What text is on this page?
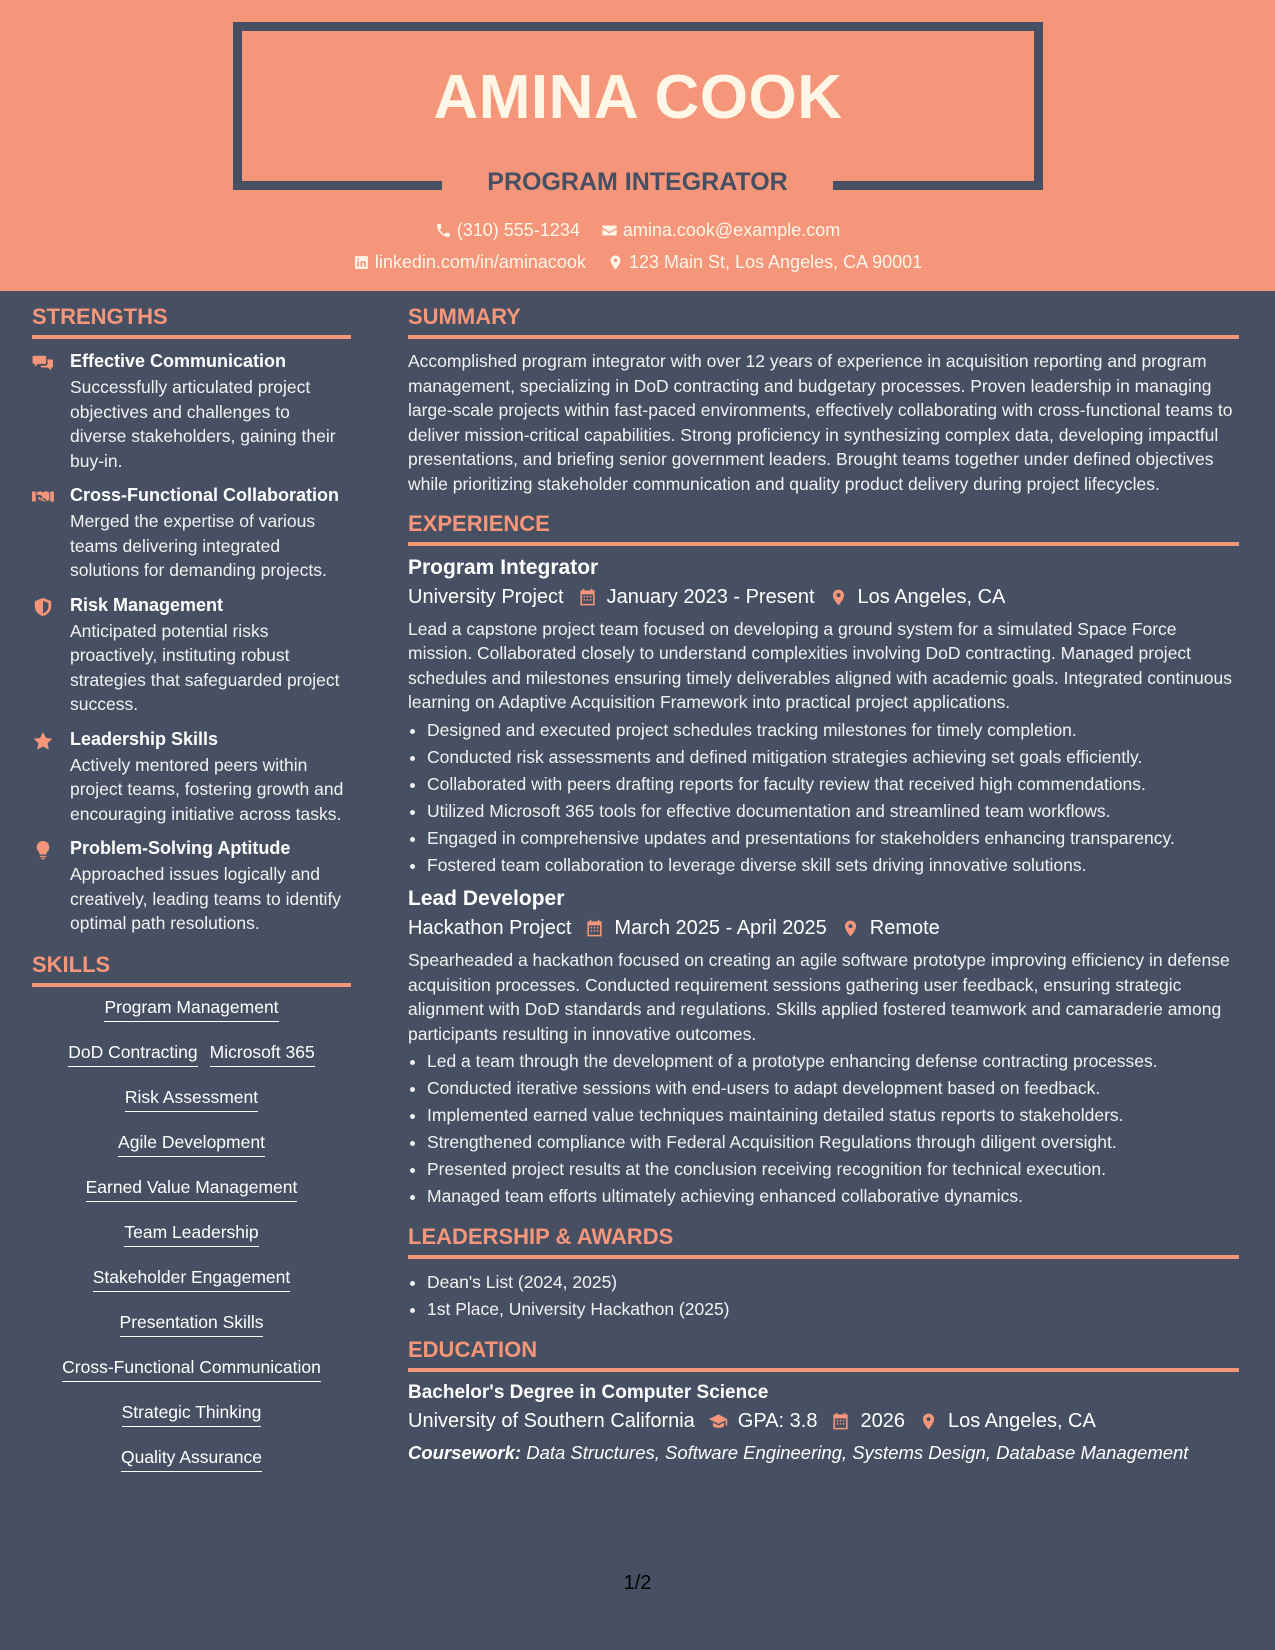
AMINA COOK
PROGRAM INTEGRATOR
(310) 555-1234
amina.cook@example.com
linkedin.com/in/aminacook
123 Main St, Los Angeles, CA 90001
STRENGTHS
Effective Communication
Successfully articulated project objectives and challenges to diverse stakeholders, gaining their buy-in.
Cross-Functional Collaboration
Merged the expertise of various teams delivering integrated solutions for demanding projects.
Risk Management
Anticipated potential risks proactively, instituting robust strategies that safeguarded project success.
Leadership Skills
Actively mentored peers within project teams, fostering growth and encouraging initiative across tasks.
Problem-Solving Aptitude
Approached issues logically and creatively, leading teams to identify optimal path resolutions.
SKILLS
Program Management
DoD Contracting Microsoft 365
Risk Assessment
Agile Development
Earned Value Management
Team Leadership
Stakeholder Engagement
Presentation Skills
Cross-Functional Communication
Strategic Thinking
Quality Assurance
SUMMARY
Accomplished program integrator with over 12 years of experience in acquisition reporting and program management, specializing in DoD contracting and budgetary processes. Proven leadership in managing large-scale projects within fast-paced environments, effectively collaborating with cross-functional teams to deliver mission-critical capabilities. Strong proficiency in synthesizing complex data, developing impactful presentations, and briefing senior government leaders. Brought teams together under defined objectives while prioritizing stakeholder communication and quality product delivery during project lifecycles.
EXPERIENCE
Program Integrator
University Project January 2023 - Present Los Angeles, CA
Lead a capstone project team focused on developing a ground system for a simulated Space Force mission. Collaborated closely to understand complexities involving DoD contracting. Managed project schedules and milestones ensuring timely deliverables aligned with academic goals. Integrated continuous learning on Adaptive Acquisition Framework into practical project applications.
• Designed and executed project schedules tracking milestones for timely completion.
• Conducted risk assessments and defined mitigation strategies achieving set goals efficiently.
• Collaborated with peers drafting reports for faculty review that received high commendations.
• Utilized Microsoft 365 tools for effective documentation and streamlined team workflows.
• Engaged in comprehensive updates and presentations for stakeholders enhancing transparency.
• Fostered team collaboration to leverage diverse skill sets driving innovative solutions.
Lead Developer
Hackathon Project March 2025 - April 2025 Remote
Spearheaded a hackathon focused on creating an agile software prototype improving efficiency in defense acquisition processes. Conducted requirement sessions gathering user feedback, ensuring strategic alignment with DoD standards and regulations. Skills applied fostered teamwork and camaraderie among participants resulting in innovative outcomes.
• Led a team through the development of a prototype enhancing defense contracting processes.
• Conducted iterative sessions with end-users to adapt development based on feedback.
• Implemented earned value techniques maintaining detailed status reports to stakeholders.
• Strengthened compliance with Federal Acquisition Regulations through diligent oversight.
• Presented project results at the conclusion receiving recognition for technical execution.
• Managed team efforts ultimately achieving enhanced collaborative dynamics.
LEADERSHIP & AWARDS
• Dean's List (2024, 2025)
• 1st Place, University Hackathon (2025)
EDUCATION
Bachelor's Degree in Computer Science
University of Southern California GPA: 3.8 2026 Los Angeles, CA
Coursework: Data Structures, Software Engineering, Systems Design, Database Management
1/2
